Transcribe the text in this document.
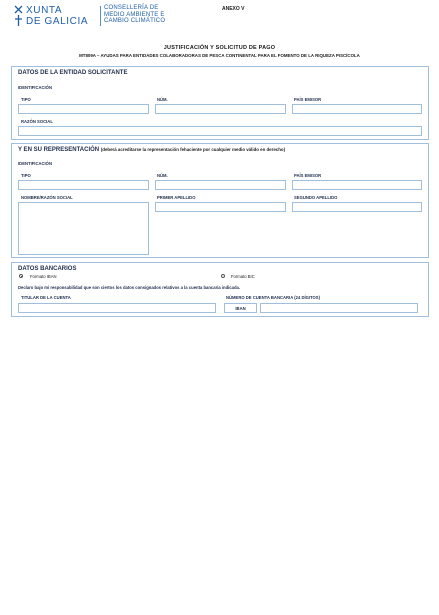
XUNTA
DE GALICIA
CONSELLERÍA DE
MEDIO AMBIENTE E
CAMBIO CLIMÁTICO
ANEXO V
JUSTIFICACIÓN Y SOLICITUD DE PAGO
MT809A – AYUDAS PARA ENTIDADES COLABORADORAS DE PESCA CONTINENTAL PARA EL FOMENTO DE LA RIQUEZA PISCÍCOLA
DATOS DE LA ENTIDAD SOLICITANTE
IDENTIFICACIÓN
TIPO	NÚM.	PAÍS EMISOR
RAZÓN SOCIAL
Y EN SU REPRESENTACIÓN (deberá acreditarse la representación fehaciente por cualquier medio válido en derecho)
IDENTIFICACIÓN
TIPO	NÚM.	PAÍS EMISOR
NOMBRE/RAZÓN SOCIAL	PRIMER APELLIDO	SEGUNDO APELLIDO
DATOS BANCARIOS
Formato IBAN	Formato BIC
Declaro bajo mi responsabilidad que son ciertos los datos consignados relativos a la cuenta bancaria indicada.
TITULAR DE LA CUENTA	NÚMERO DE CUENTA BANCARIA (24 DÍGITOS)
IBAN
